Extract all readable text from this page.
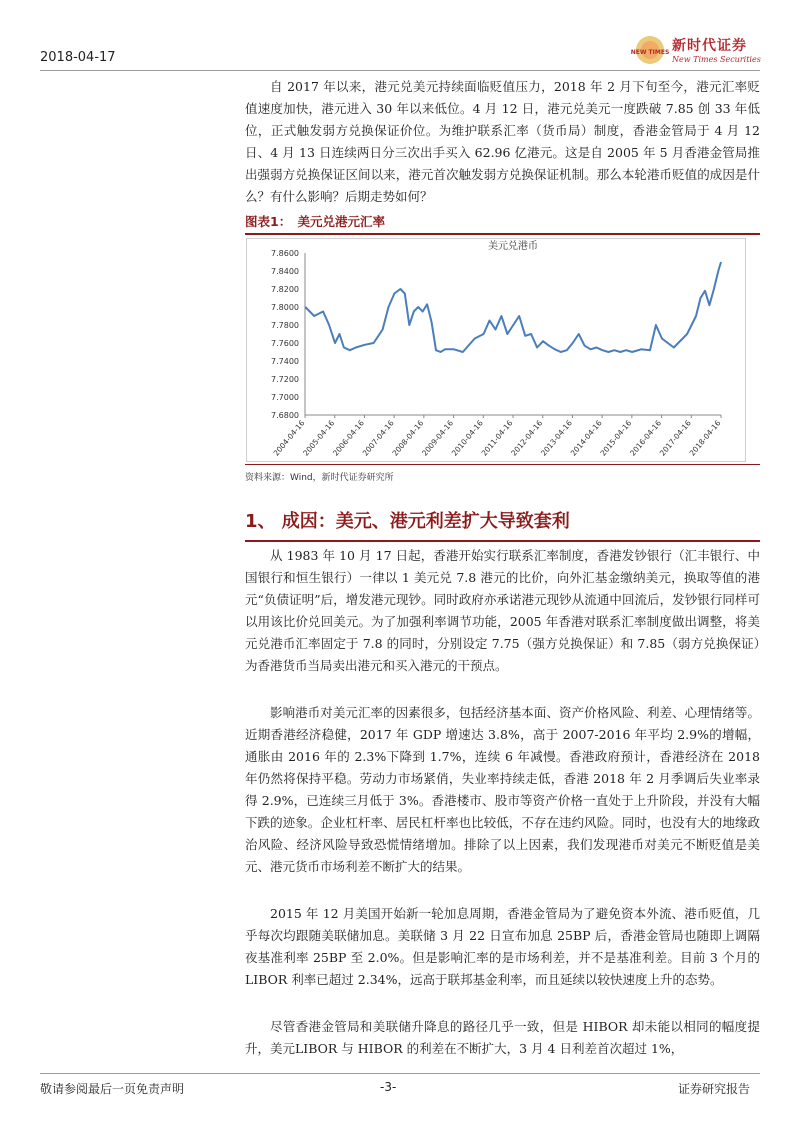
2018-04-17	NEW TIMES 新时代证券
New Times Securities

自 2017 年以来，港元兑美元持续面临贬值压力，2018 年 2 月下旬至今，港元汇率贬值速度加快，港元进入 30 年以来低位。4 月 12 日，港元兑美元一度跌破 7.85 创 33 年低位，正式触发弱方兑换保证价位。为维护联系汇率（货币局）制度，香港金管局于 4 月 12 日、4 月 13 日连续两日分三次出手买入 62.96 亿港元。这是自 2005 年 5 月香港金管局推出强弱方兑换保证区间以来，港元首次触发弱方兑换保证机制。那么本轮港币贬值的成因是什么？有什么影响？后期走势如何？

图表1：　美元兑港元汇率
美元兑港币
7.8600
7.8400
7.8200
7.8000
7.7800
7.7600
7.7400
7.7200
7.7000
7.6800
2004-04-16
2005-04-16
2006-04-16
2007-04-16
2008-04-16
2009-04-16
2010-04-16
2011-04-16
2012-04-16
2013-04-16
2014-04-16
2015-04-16
2016-04-16
2017-04-16
2018-04-16
资料来源：Wind，新时代证券研究所
1、 成因：美元、港元利差扩大导致套利

从 1983 年 10 月 17 日起，香港开始实行联系汇率制度，香港发钞银行（汇丰银行、中国银行和恒生银行）一律以 1 美元兑 7.8 港元的比价，向外汇基金缴纳美元，换取等值的港元“负债证明”后，增发港元现钞。同时政府亦承诺港元现钞从流通中回流后，发钞银行同样可以用该比价兑回美元。为了加强利率调节功能，2005 年香港对联系汇率制度做出调整，将美元兑港币汇率固定于 7.8 的同时，分别设定 7.75（强方兑换保证）和 7.85（弱方兑换保证）为香港货币当局卖出港元和买入港元的干预点。

影响港币对美元汇率的因素很多，包括经济基本面、资产价格风险、利差、心理情绪等。近期香港经济稳健，2017 年 GDP 增速达 3.8%，高于 2007-2016 年平均 2.9%的增幅，通胀由 2016 年的 2.3%下降到 1.7%，连续 6 年减慢。香港政府预计，香港经济在 2018 年仍然将保持平稳。劳动力市场紧俏，失业率持续走低，香港 2018 年 2 月季调后失业率录得 2.9%，已连续三月低于 3%。香港楼市、股市等资产价格一直处于上升阶段，并没有大幅下跌的迹象。企业杠杆率、居民杠杆率也比较低，不存在违约风险。同时，也没有大的地缘政治风险、经济风险导致恐慌情绪增加。排除了以上因素，我们发现港币对美元不断贬值是美元、港元货币市场利差不断扩大的结果。

2015 年 12 月美国开始新一轮加息周期，香港金管局为了避免资本外流、港币贬值，几乎每次均跟随美联储加息。美联储 3 月 22 日宣布加息 25BP 后，香港金管局也随即上调隔夜基准利率 25BP 至 2.0%。但是影响汇率的是市场利差，并不是基准利差。目前 3 个月的 LIBOR 利率已超过 2.34%，远高于联邦基金利率，而且延续以较快速度上升的态势。

尽管香港金管局和美联储升降息的路径几乎一致，但是 HIBOR 却未能以相同的幅度提升，美元LIBOR 与 HIBOR 的利差在不断扩大，3 月 4 日利差首次超过 1%，

敬请参阅最后一页免责声明	-3-	证券研究报告
